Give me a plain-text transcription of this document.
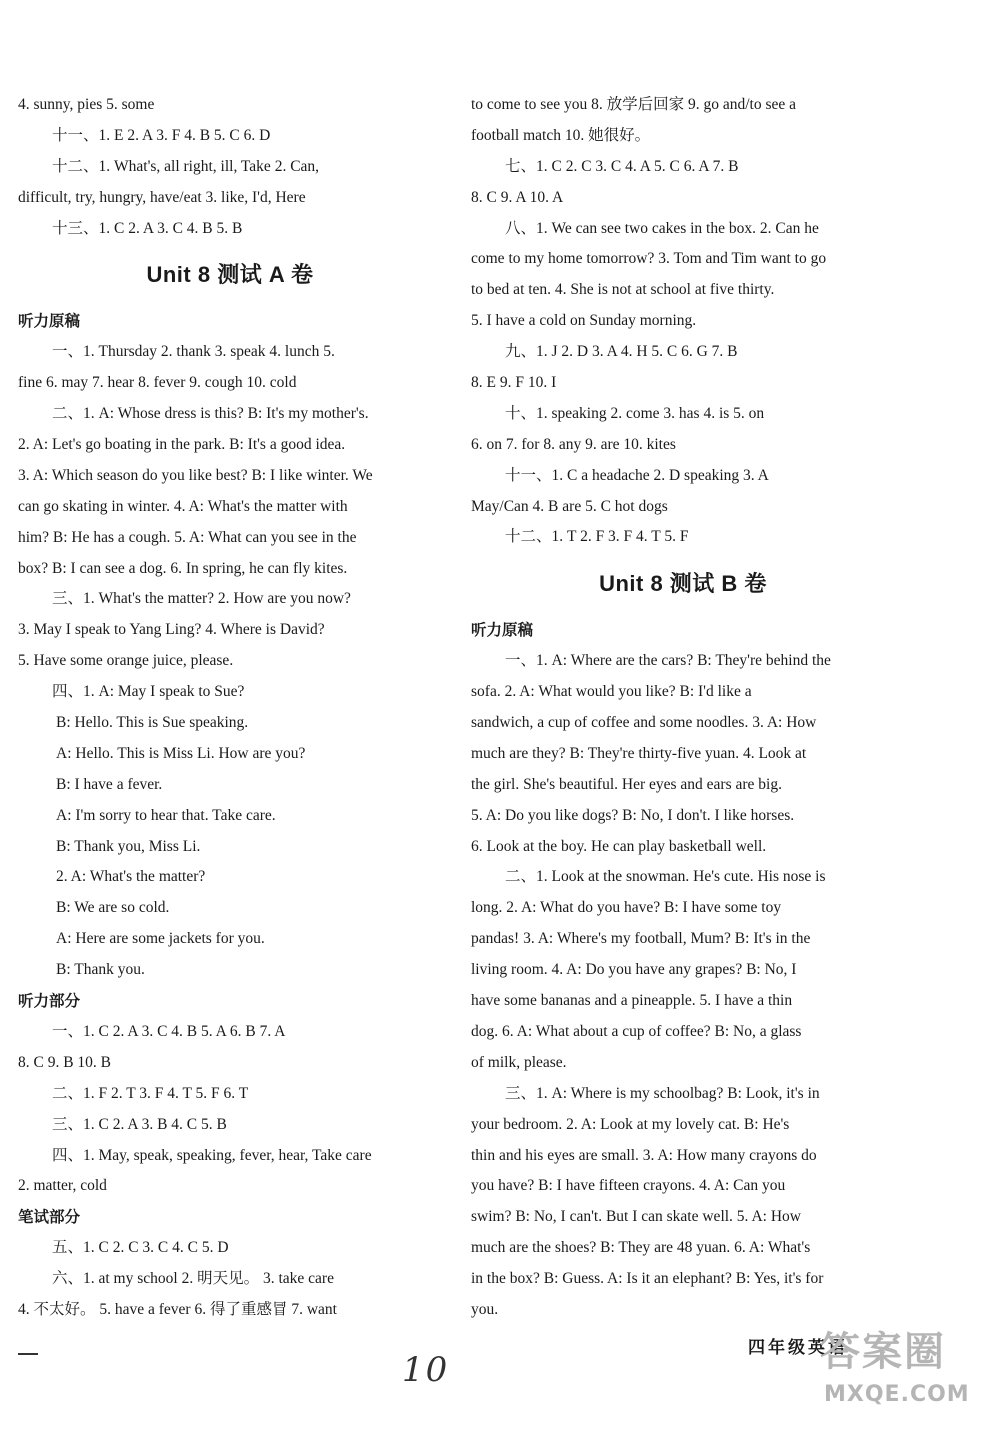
4. sunny, pies 5. some
十一、1. E 2. A 3. F 4. B 5. C 6. D
十二、1. What's, all right, ill, Take 2. Can,
difficult, try, hungry, have/eat 3. like, I'd, Here
十三、1. C 2. A 3. C 4. B 5. B
Unit 8 测试 A 卷
听力原稿
一、1. Thursday 2. thank 3. speak 4. lunch 5.
fine 6. may 7. hear 8. fever 9. cough 10. cold
二、1. A: Whose dress is this? B: It's my mother's.
2. A: Let's go boating in the park. B: It's a good idea.
3. A: Which season do you like best? B: I like winter. We
can go skating in winter. 4. A: What's the matter with
him? B: He has a cough. 5. A: What can you see in the
box? B: I can see a dog. 6. In spring, he can fly kites.
三、1. What's the matter? 2. How are you now?
3. May I speak to Yang Ling? 4. Where is David?
5. Have some orange juice, please.
四、1. A: May I speak to Sue?
B: Hello. This is Sue speaking.
A: Hello. This is Miss Li. How are you?
B: I have a fever.
A: I'm sorry to hear that. Take care.
B: Thank you, Miss Li.
2. A: What's the matter?
B: We are so cold.
A: Here are some jackets for you.
B: Thank you.
听力部分
一、1. C 2. A 3. C 4. B 5. A 6. B 7. A
8. C 9. B 10. B
二、1. F 2. T 3. F 4. T 5. F 6. T
三、1. C 2. A 3. B 4. C 5. B
四、1. May, speak, speaking, fever, hear, Take care
2. matter, cold
笔试部分
五、1. C 2. C 3. C 4. C 5. D
六、1. at my school 2. 明天见。 3. take care
4. 不太好。 5. have a fever 6. 得了重感冒 7. want
to come to see you 8. 放学后回家 9. go and/to see a
football match 10. 她很好。
七、1. C 2. C 3. C 4. A 5. C 6. A 7. B
8. C 9. A 10. A
八、1. We can see two cakes in the box. 2. Can he
come to my home tomorrow? 3. Tom and Tim want to go
to bed at ten. 4. She is not at school at five thirty.
5. I have a cold on Sunday morning.
九、1. J 2. D 3. A 4. H 5. C 6. G 7. B
8. E 9. F 10. I
十、1. speaking 2. come 3. has 4. is 5. on
6. on 7. for 8. any 9. are 10. kites
十一、1. C a headache 2. D speaking 3. A
May/Can 4. B are 5. C hot dogs
十二、1. T 2. F 3. F 4. T 5. F
Unit 8 测试 B 卷
听力原稿
一、1. A: Where are the cars? B: They're behind the
sofa. 2. A: What would you like? B: I'd like a
sandwich, a cup of coffee and some noodles. 3. A: How
much are they? B: They're thirty-five yuan. 4. Look at
the girl. She's beautiful. Her eyes and ears are big.
5. A: Do you like dogs? B: No, I don't. I like horses.
6. Look at the boy. He can play basketball well.
二、1. Look at the snowman. He's cute. His nose is
long. 2. A: What do you have? B: I have some toy
pandas! 3. A: Where's my football, Mum? B: It's in the
living room. 4. A: Do you have any grapes? B: No, I
have some bananas and a pineapple. 5. I have a thin
dog. 6. A: What about a cup of coffee? B: No, a glass
of milk, please.
三、1. A: Where is my schoolbag? B: Look, it's in
your bedroom. 2. A: Look at my lovely cat. B: He's
thin and his eyes are small. 3. A: How many crayons do
you have? B: I have fifteen crayons. 4. A: Can you
swim? B: No, I can't. But I can skate well. 5. A: How
much are the shoes? B: They are 48 yuan. 6. A: What's
in the box? B: Guess. A: Is it an elephant? B: Yes, it's for
you.
10
四年级英语
答案圈
MXQE.COM
